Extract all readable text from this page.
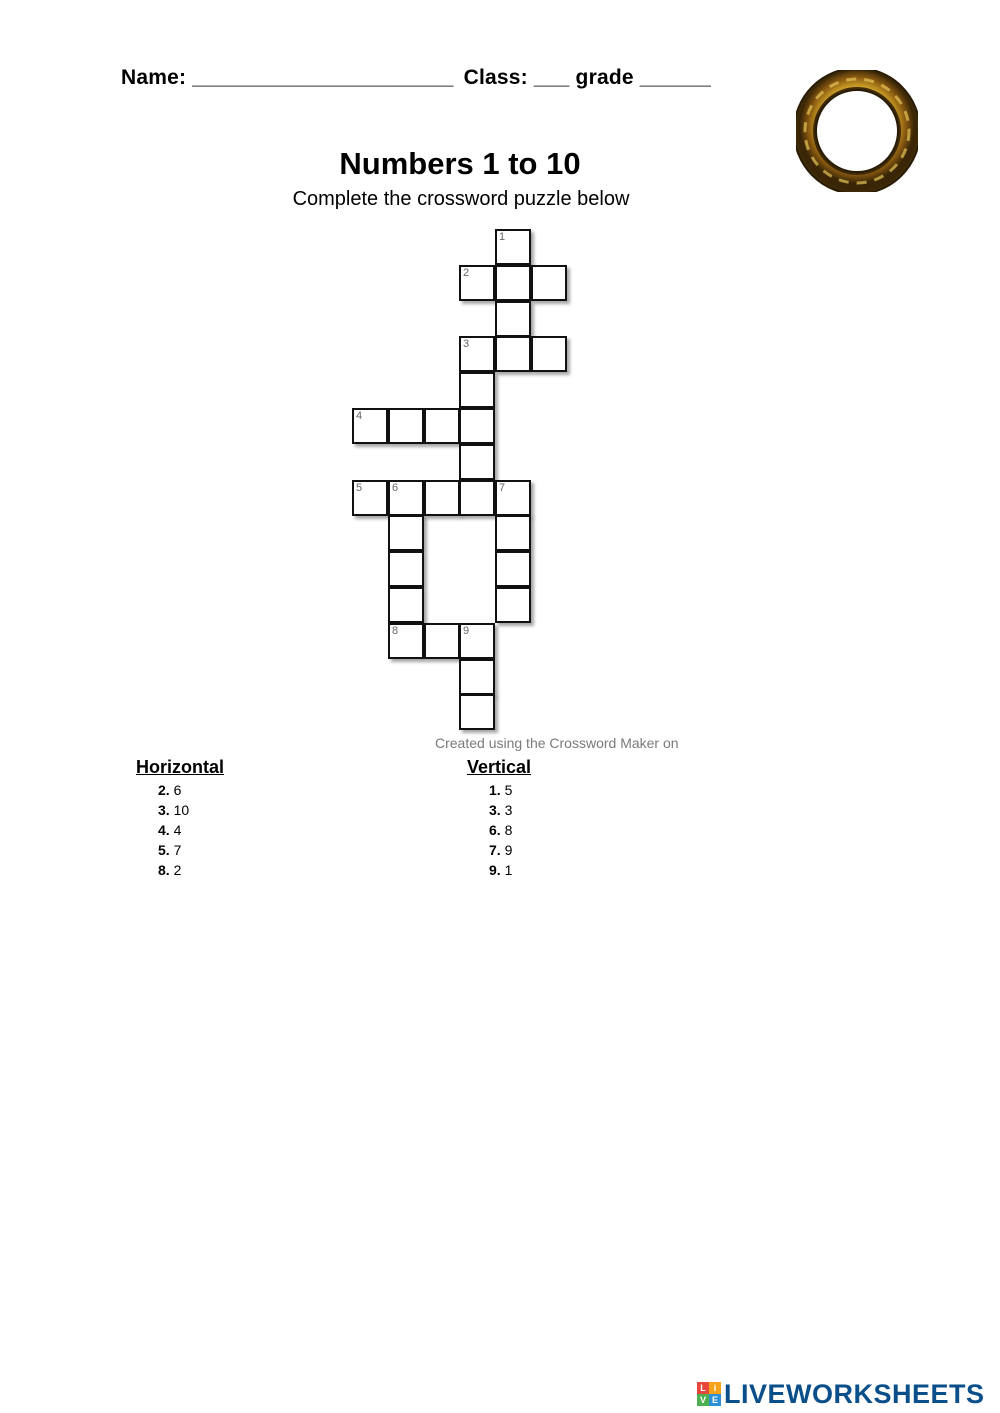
Name: ______________________ Class: ___ grade ______
Numbers 1 to 10
Complete the crossword puzzle below
1
2
3
4
5	6	7
8	9
Created using the Crossword Maker on
Horizontal	Vertical
2. 6
3. 10
4. 4
5. 7
8. 2
1. 5
3. 3
6. 8
7. 9
9. 1
L i
V E LIVEWORKSHEETS
